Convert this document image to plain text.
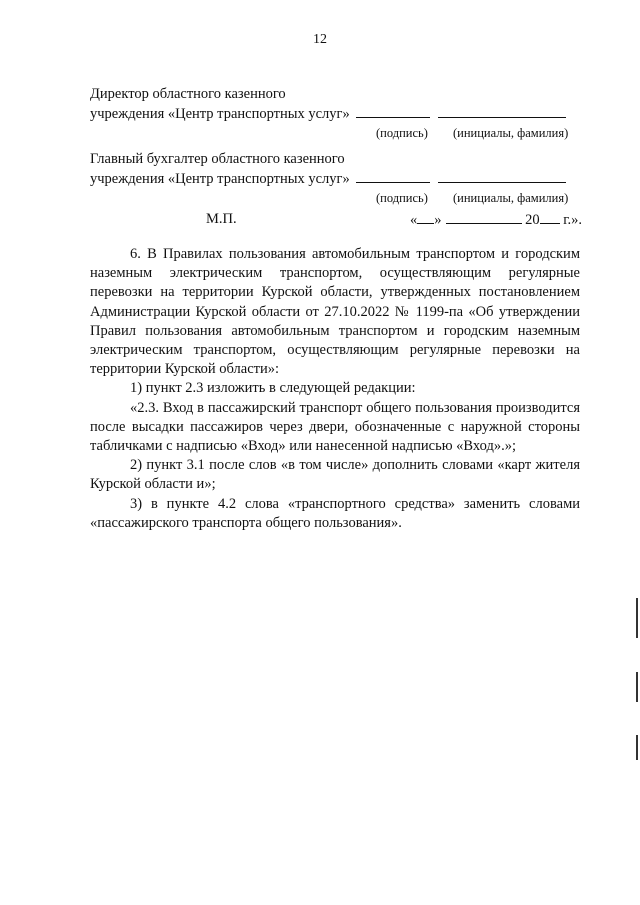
12
Директор областного казенного
учреждения «Центр транспортных услуг»
(подпись) (инициалы, фамилия)
Главный бухгалтер областного казенного
учреждения «Центр транспортных услуг»
(подпись) (инициалы, фамилия)
М.П.	« »	20 г.».

6. В Правилах пользования автомобильным транспортом и городским наземным электрическим транспортом, осуществляющим регулярные перевозки на территории Курской области, утвержденных постановлением Администрации Курской области от 27.10.2022 № 1199-па «Об утверждении Правил пользования автомобильным транспортом и городским наземным электрическим транспортом, осуществляющим регулярные перевозки на территории Курской области»:

1) пункт 2.3 изложить в следующей редакции:

«2.3. Вход в пассажирский транспорт общего пользования производится после высадки пассажиров через двери, обозначенные с наружной стороны табличками с надписью «Вход» или нанесенной надписью «Вход».»;

2) пункт 3.1 после слов «в том числе» дополнить словами «карт жителя Курской области и»;

3) в пункте 4.2 слова «транспортного средства» заменить словами «пассажирского транспорта общего пользования».
